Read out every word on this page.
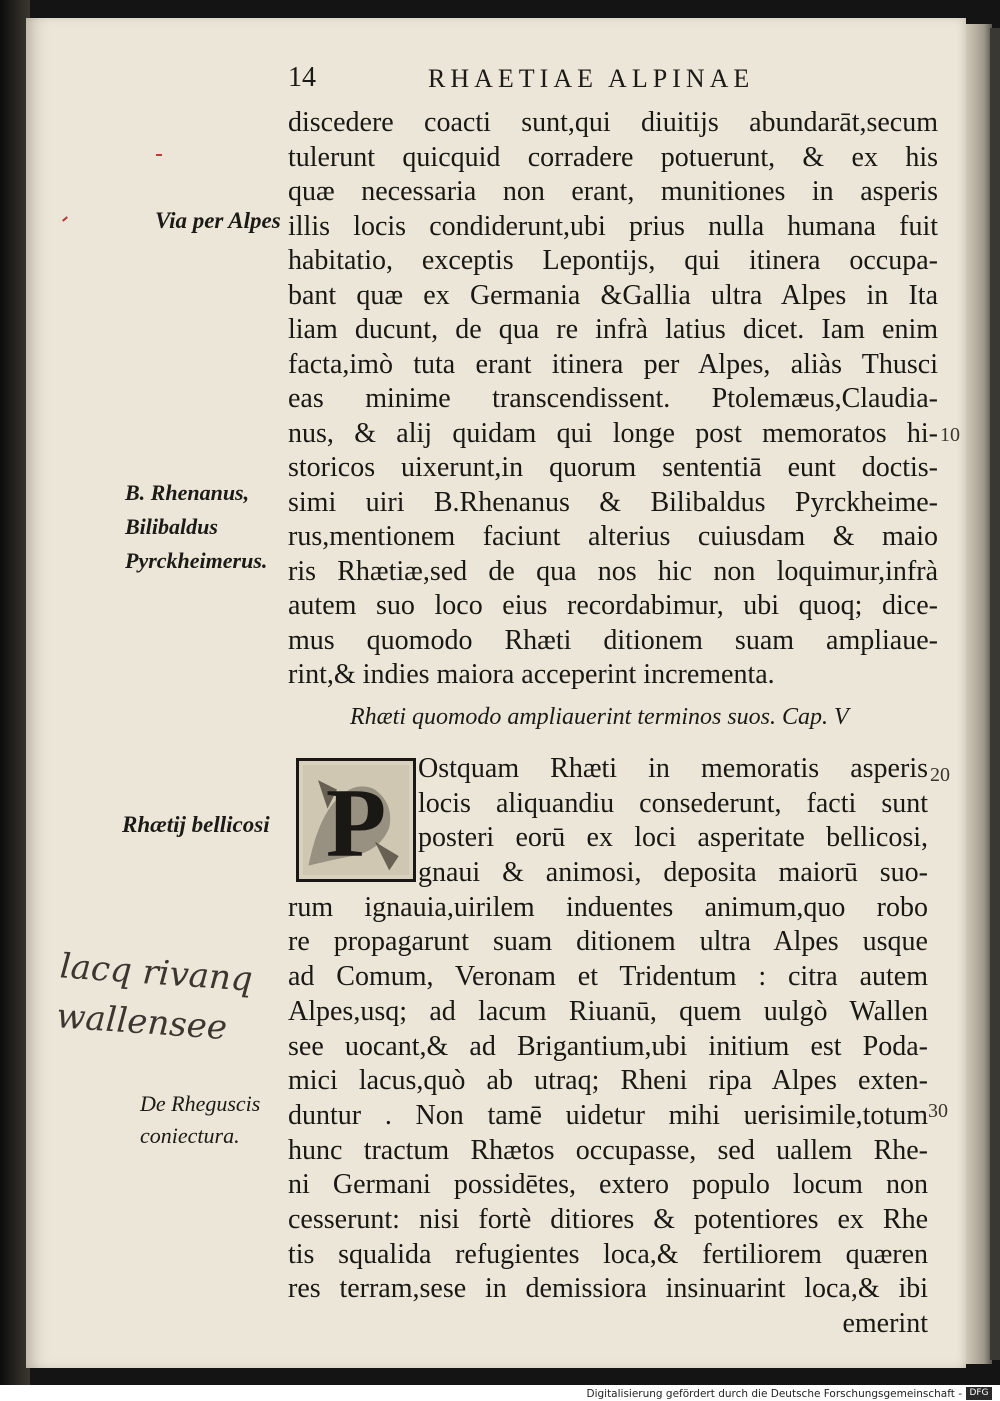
14	RHAETIAE ALPINAE
discedere coacti sunt,qui diuitijs abundarāt,secum
tulerunt quicquid corradere potuerunt, & ex his
quæ necessaria non erant, munitiones in asperis
illis locis condiderunt,ubi prius nulla humana fuit
habitatio, exceptis Lepontijs, qui itinera occupa-
bant quæ ex Germania &Gallia ultra Alpes in Ita
liam ducunt, de qua re infrà latius dicet. Iam enim
facta,imò tuta erant itinera per Alpes, aliàs Thusci
eas minime transcendissent. Ptolemæus,Claudia-
nus, & alij quidam qui longe post memoratos hi-
storicos uixerunt,in quorum sententiā eunt doctis-
simi uiri B.Rhenanus & Bilibaldus Pyrckheime-
rus,mentionem faciunt alterius cuiusdam & maio
ris Rhætiæ,sed de qua nos hic non loquimur,infrà
autem suo loco eius recordabimur, ubi quoq; dice-
mus quomodo Rhæti ditionem suam ampliaue-
rint,& indies maiora acceperint incrementa.
Rhæti quomodo ampliauerint terminos suos. Cap. V
P
Ostquam Rhæti in memoratis asperis
locis aliquandiu consederunt, facti sunt
posteri eorū ex loci asperitate bellicosi,
gnaui & animosi, deposita maiorū suo-
rum ignauia,uirilem induentes animum,quo robo
re propagarunt suam ditionem ultra Alpes usque
ad Comum, Veronam et Tridentum : citra autem
Alpes,usq; ad lacum Riuanū, quem uulgò Wallen
see uocant,& ad Brigantium,ubi initium est Poda-
mici lacus,quò ab utraq; Rheni ripa Alpes exten-
duntur . Non tamē uidetur mihi uerisimile,totum
hunc tractum Rhætos occupasse, sed uallem Rhe-
ni Germani possidētes, extero populo locum non
cesserunt: nisi fortè ditiores & potentiores ex Rhe
tis squalida refugientes loca,& fertiliorem quæren
res terram,sese in demissiora insinuarint loca,& ibi
emerint
Via per Alpes
B. Rhenanus,
Bilibaldus
Pyrckheimerus.
Rhætij bellicosi
De Rheguscis
coniectura.
lacq rivanq
wallensee
10
20
30
Digitalisierung gefördert durch die Deutsche Forschungsgemeinschaft - DFG
